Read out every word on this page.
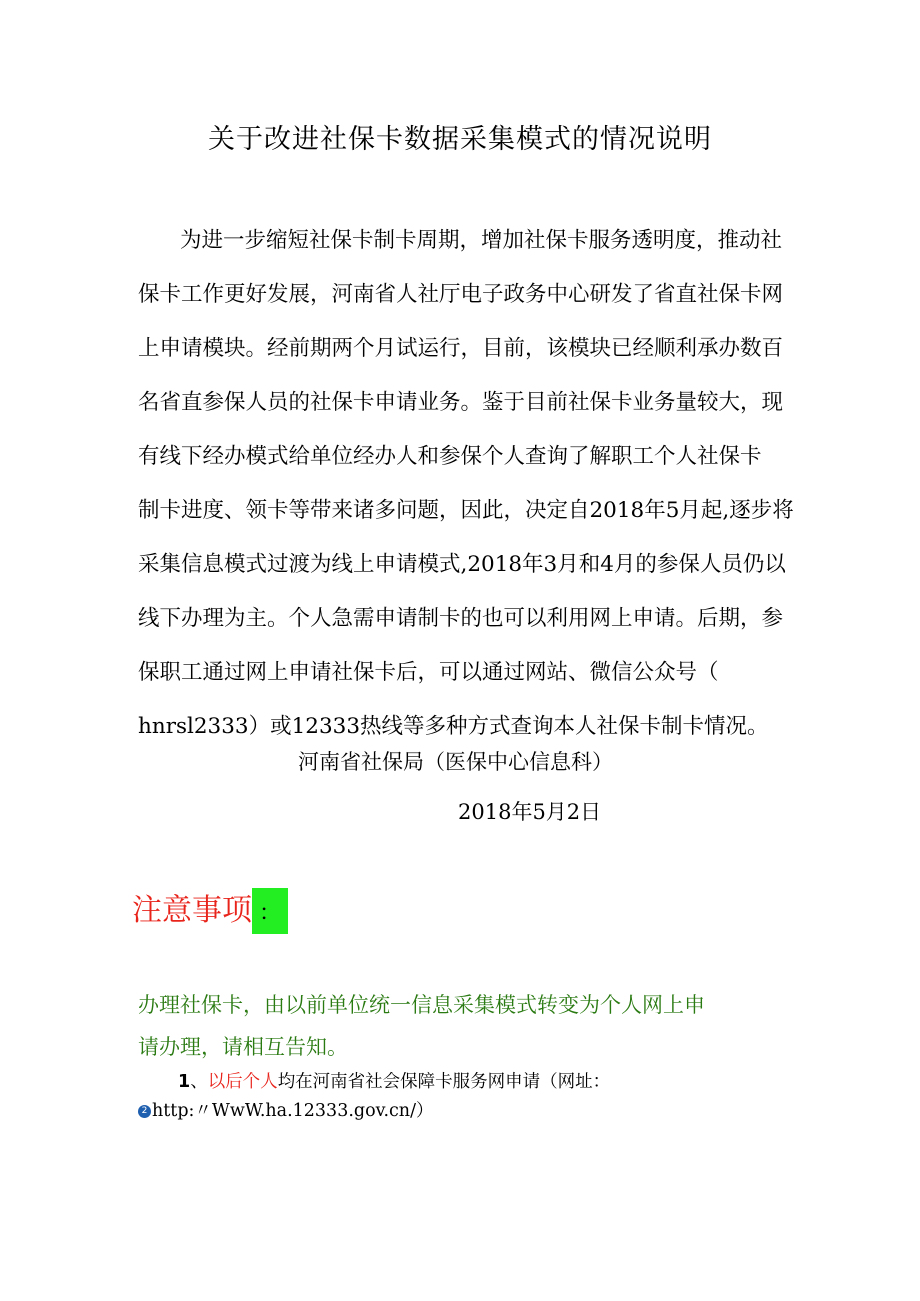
关于改进社保卡数据采集模式的情况说明
为进一步缩短社保卡制卡周期，增加社保卡服务透明度，推动社
保卡工作更好发展，河南省人社厅电子政务中心研发了省直社保卡网
上申请模块。经前期两个月试运行，目前，该模块已经顺利承办数百
名省直参保人员的社保卡申请业务。鉴于目前社保卡业务量较大，现
有线下经办模式给单位经办人和参保个人查询了解职工个人社保卡
制卡进度、领卡等带来诸多问题，因此，决定自2018年5月起,逐步将
采集信息模式过渡为线上申请模式,2018年3月和4月的参保人员仍以
线下办理为主。个人急需申请制卡的也可以利用网上申请。后期，参
保职工通过网上申请社保卡后，可以通过网站、微信公众号（
hnrsl2333）或12333热线等多种方式查询本人社保卡制卡情况。
河南省社保局（医保中心信息科）
2018年5月2日
注意事项 ：
办理社保卡，由以前单位统一信息采集模式转变为个人网上申
请办理，请相互告知。
1、以后个人均在河南省社会保障卡服务网申请（网址：
2 http:〃WwW.ha.12333.gov.cn/）
